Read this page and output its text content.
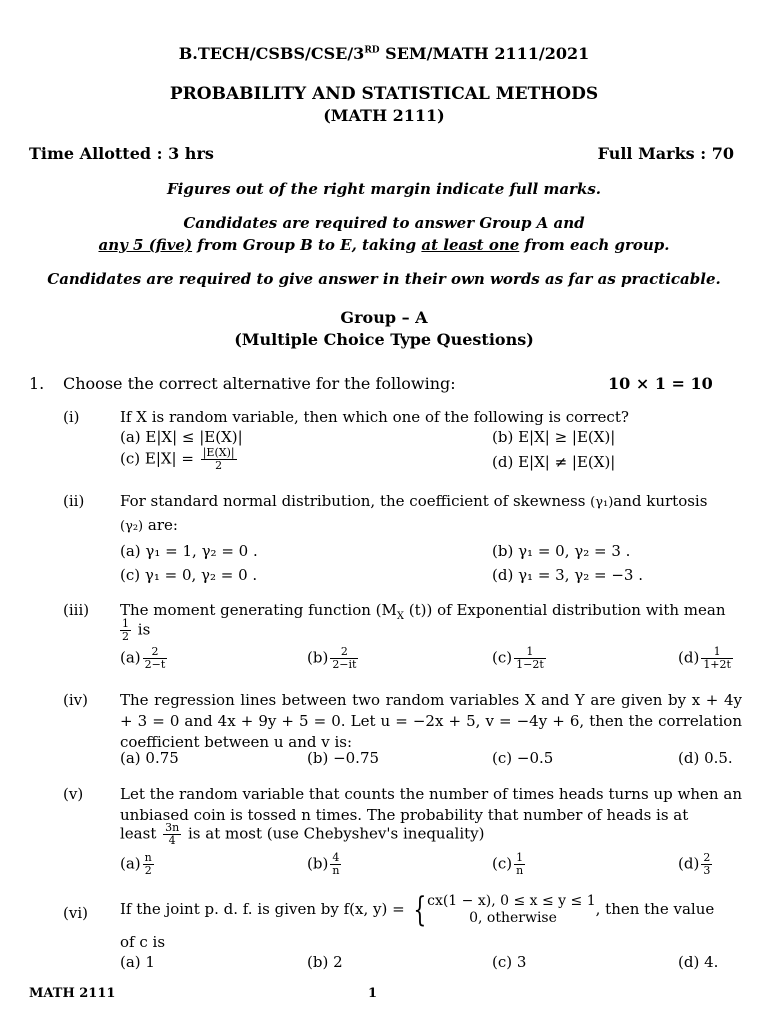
B.TECH/CSBS/CSE/3RD SEM/MATH 2111/2021
PROBABILITY AND STATISTICAL METHODS
(MATH 2111)
Time Allotted : 3 hrs	Full Marks : 70
Figures out of the right margin indicate full marks.
Candidates are required to answer Group A and
any 5 (five) from Group B to E, taking at least one from each group.
Candidates are required to give answer in their own words as far as practicable.
Group – A
(Multiple Choice Type Questions)
1. Choose the correct alternative for the following:	10 × 1 = 10
(i)	If X is random variable, then which one of the following is correct?
(a) E|X| ≤ |E(X)|	(b) E|X| ≥ |E(X)|
(c) $E|X| = \frac{|E(X)|}{2}$	(d) E|X| ≠ |E(X)|
(ii) For standard normal distribution, the coefficient of skewness (γ₁)and kurtosis
(γ₂) are:
(a) γ₁ = 1, γ₂ = 0 .	(b) γ₁ = 0, γ₂ = 3 .
(c) γ₁ = 0, γ₂ = 0 .	(d) γ₁ = 3, γ₂ = −3 .
(iii) The moment generating function ($M_X$ (t)) of Exponential distribution with mean
$\frac{1}{2}$ is
$(a) \frac{2}{2-t}$	$(b) \frac{2}{2-it}$	$(c) \frac{1}{1-2t}$	$(d) \frac{1}{1+2t}$
(iv) The regression lines between two random variables X and Y are given by x + 4y + 3 = 0 and 4x + 9y + 5 = 0. Let u = −2x + 5, v = −4y + 6, then the correlation coefficient between u and v is:
(a) 0.75	(b) −0.75	(c) −0.5	(d) 0.5.
(v) Let the random variable that counts the number of times heads turns up when an unbiased coin is tossed n times. The probability that number of heads is at
least $\frac{3n}{4}$ is at most (use Chebyshev's inequality)
$(a) \frac{n}{2}$	$(b) \frac{4}{n}$	$(c) \frac{1}{n}$	$(d) \frac{2}{3}$
(vi) If the joint p. d. f. is given by f(x, y) = { cx(1 − x), 0 ≤ x ≤ y ≤ 1
0, otherwise	, then the value
of c is
(a) 1	(b) 2	(c) 3	(d) 4.
MATH 2111	1
